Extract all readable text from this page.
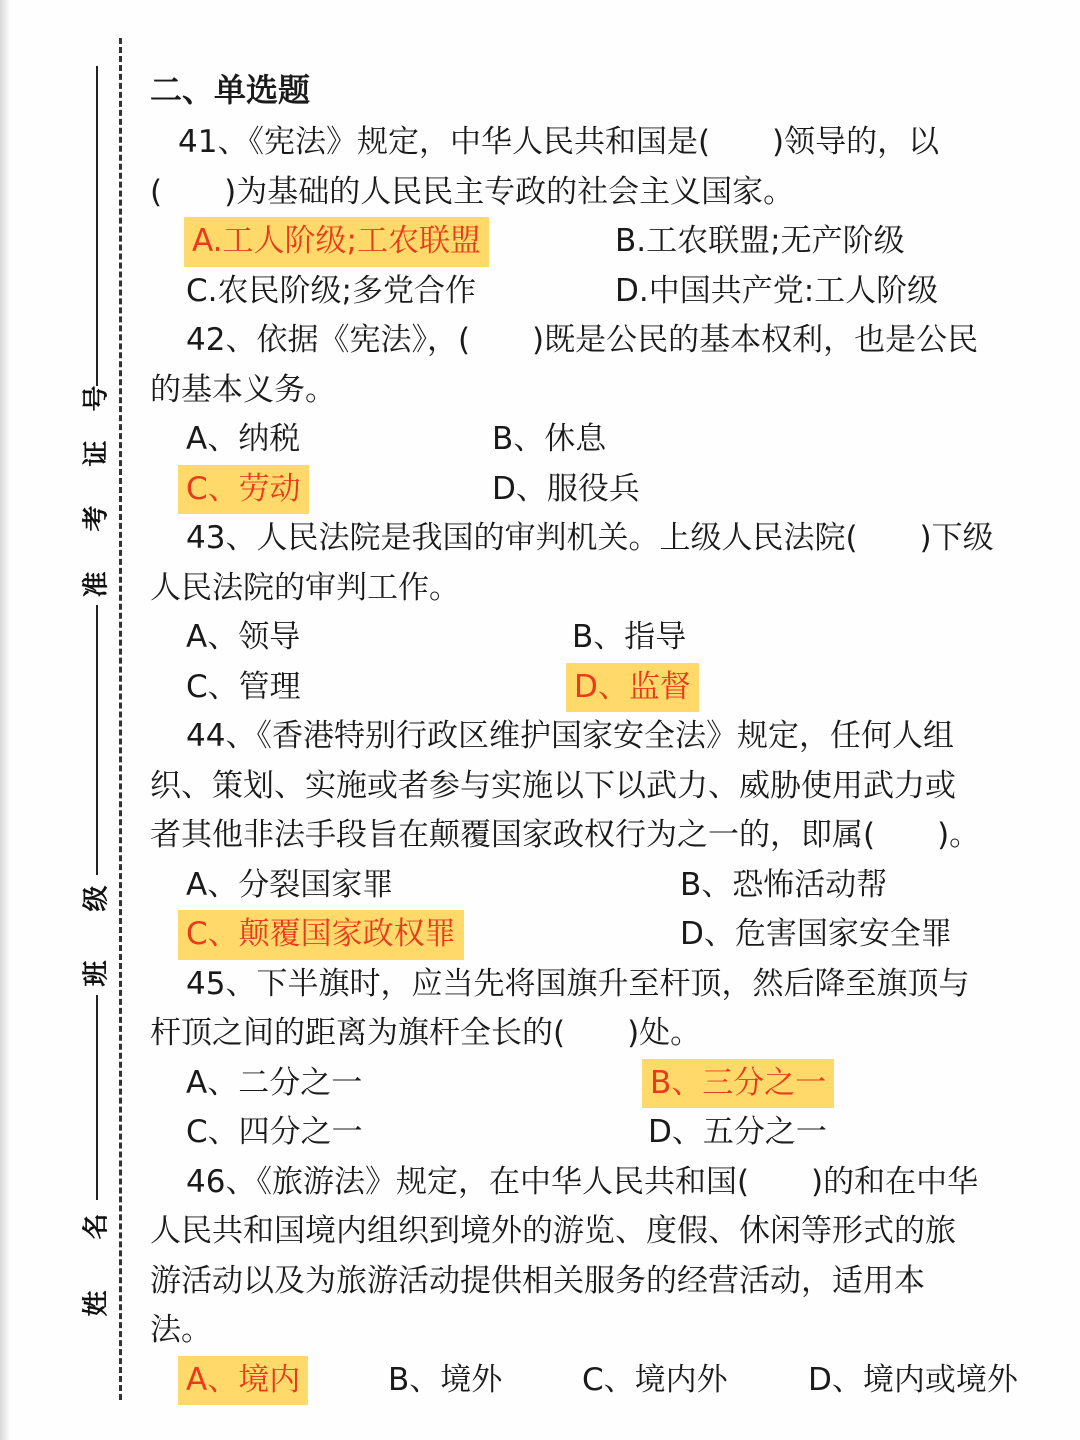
号
证
考
准
级
班
名
姓
二、单选题
41、《宪法》规定，中华人民共和国是(　　)领导的，以
(　　)为基础的人民民主专政的社会主义国家。
A.工人阶级;工农联盟	B.工农联盟;无产阶级
C.农民阶级;多党合作	D.中国共产党:工人阶级
42、依据《宪法》，(　　)既是公民的基本权利，也是公民
的基本义务。
A、纳税	B、休息
C、劳动	D、服役兵
43、人民法院是我国的审判机关。上级人民法院(　　)下级
人民法院的审判工作。
A、领导	B、指导
C、管理	D、监督
44、《香港特别行政区维护国家安全法》规定，任何人组
织、策划、实施或者参与实施以下以武力、威胁使用武力或
者其他非法手段旨在颠覆国家政权行为之一的，即属(　　)。
A、分裂国家罪	B、恐怖活动帮
C、颠覆国家政权罪	D、危害国家安全罪
45、下半旗时，应当先将国旗升至杆顶，然后降至旗顶与
杆顶之间的距离为旗杆全长的(　　)处。
A、二分之一	B、三分之一
C、四分之一	D、五分之一
46、《旅游法》规定，在中华人民共和国(　　)的和在中华
人民共和国境内组织到境外的游览、度假、休闲等形式的旅
游活动以及为旅游活动提供相关服务的经营活动，适用本
法。
A、境内	B、境外	C、境内外	D、境内或境外
